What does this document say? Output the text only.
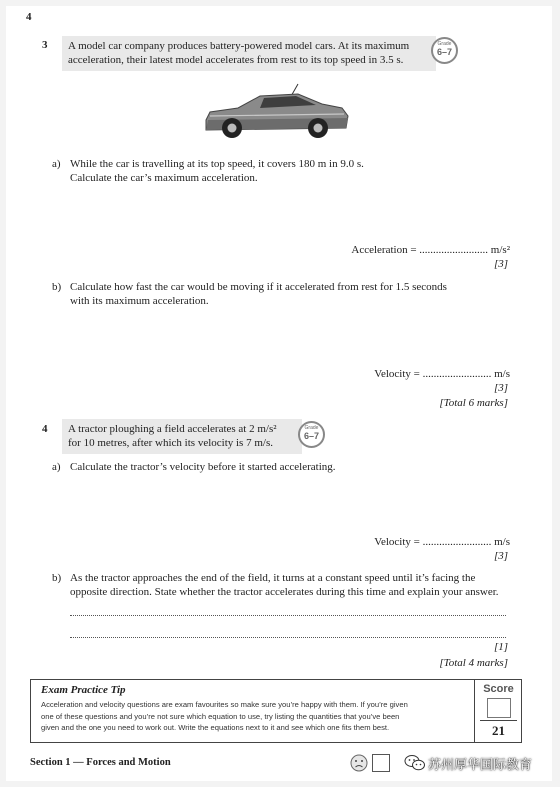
4
3 A model car company produces battery-powered model cars. At its maximum
acceleration, their latest model accelerates from rest to its top speed in 3.5 s.
Grade
6–7
a) While the car is travelling at its top speed, it covers 180 m in 9.0 s.
Calculate the car’s maximum acceleration.
Acceleration = ......................... m/s²
[3]
b) Calculate how fast the car would be moving if it accelerated from rest for 1.5 seconds
with its maximum acceleration.
Velocity = ......................... m/s
[3]
[Total 6 marks]
4 A tractor ploughing a field accelerates at 2 m/s²
for 10 metres, after which its velocity is 7 m/s.
Grade
6–7
a) Calculate the tractor’s velocity before it started accelerating.
Velocity = ......................... m/s
[3]
b) As the tractor approaches the end of the field, it turns at a constant speed until it’s facing the
opposite direction. State whether the tractor accelerates during this time and explain your answer.
[1]
[Total 4 marks]
Exam Practice Tip
Acceleration and velocity questions are exam favourites so make sure you’re happy with them. If you’re given
one of these questions and you’re not sure which equation to use, try listing the quantities that you’ve been
given and the one you need to work out. Write the equations next to it and see which one fits them best.
Score
21
Section 1 — Forces and Motion	苏州厚华国际教育
